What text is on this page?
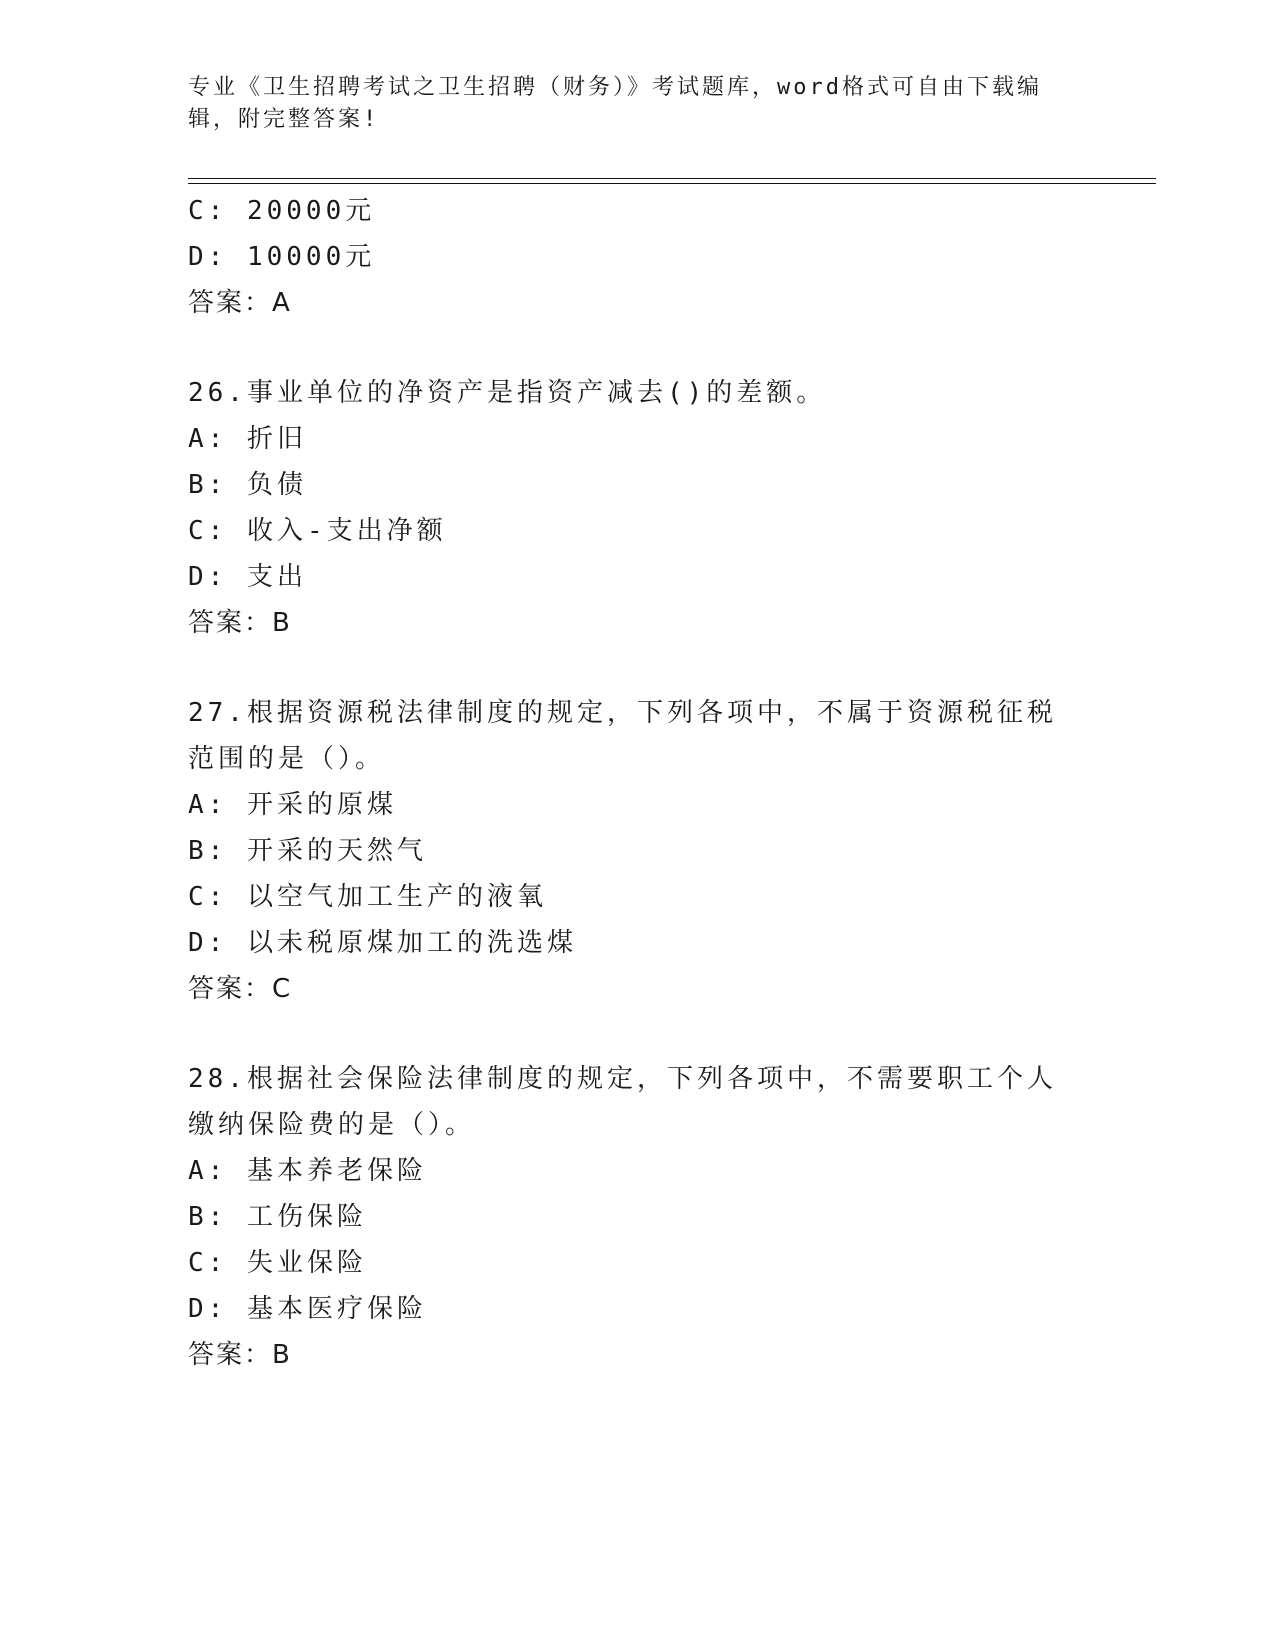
专业《卫生招聘考试之卫生招聘（财务）》考试题库，word格式可自由下载编辑，附完整答案!
C: 20000元
D: 10000元
答案：A
26.事业单位的净资产是指资产减去()的差额。
A: 折旧
B: 负债
C: 收入-支出净额
D: 支出
答案：B
27.根据资源税法律制度的规定，下列各项中，不属于资源税征税范围的是（）。
A: 开采的原煤
B: 开采的天然气
C: 以空气加工生产的液氧
D: 以未税原煤加工的洗选煤
答案：C
28.根据社会保险法律制度的规定，下列各项中，不需要职工个人缴纳保险费的是（）。
A: 基本养老保险
B: 工伤保险
C: 失业保险
D: 基本医疗保险
答案：B
